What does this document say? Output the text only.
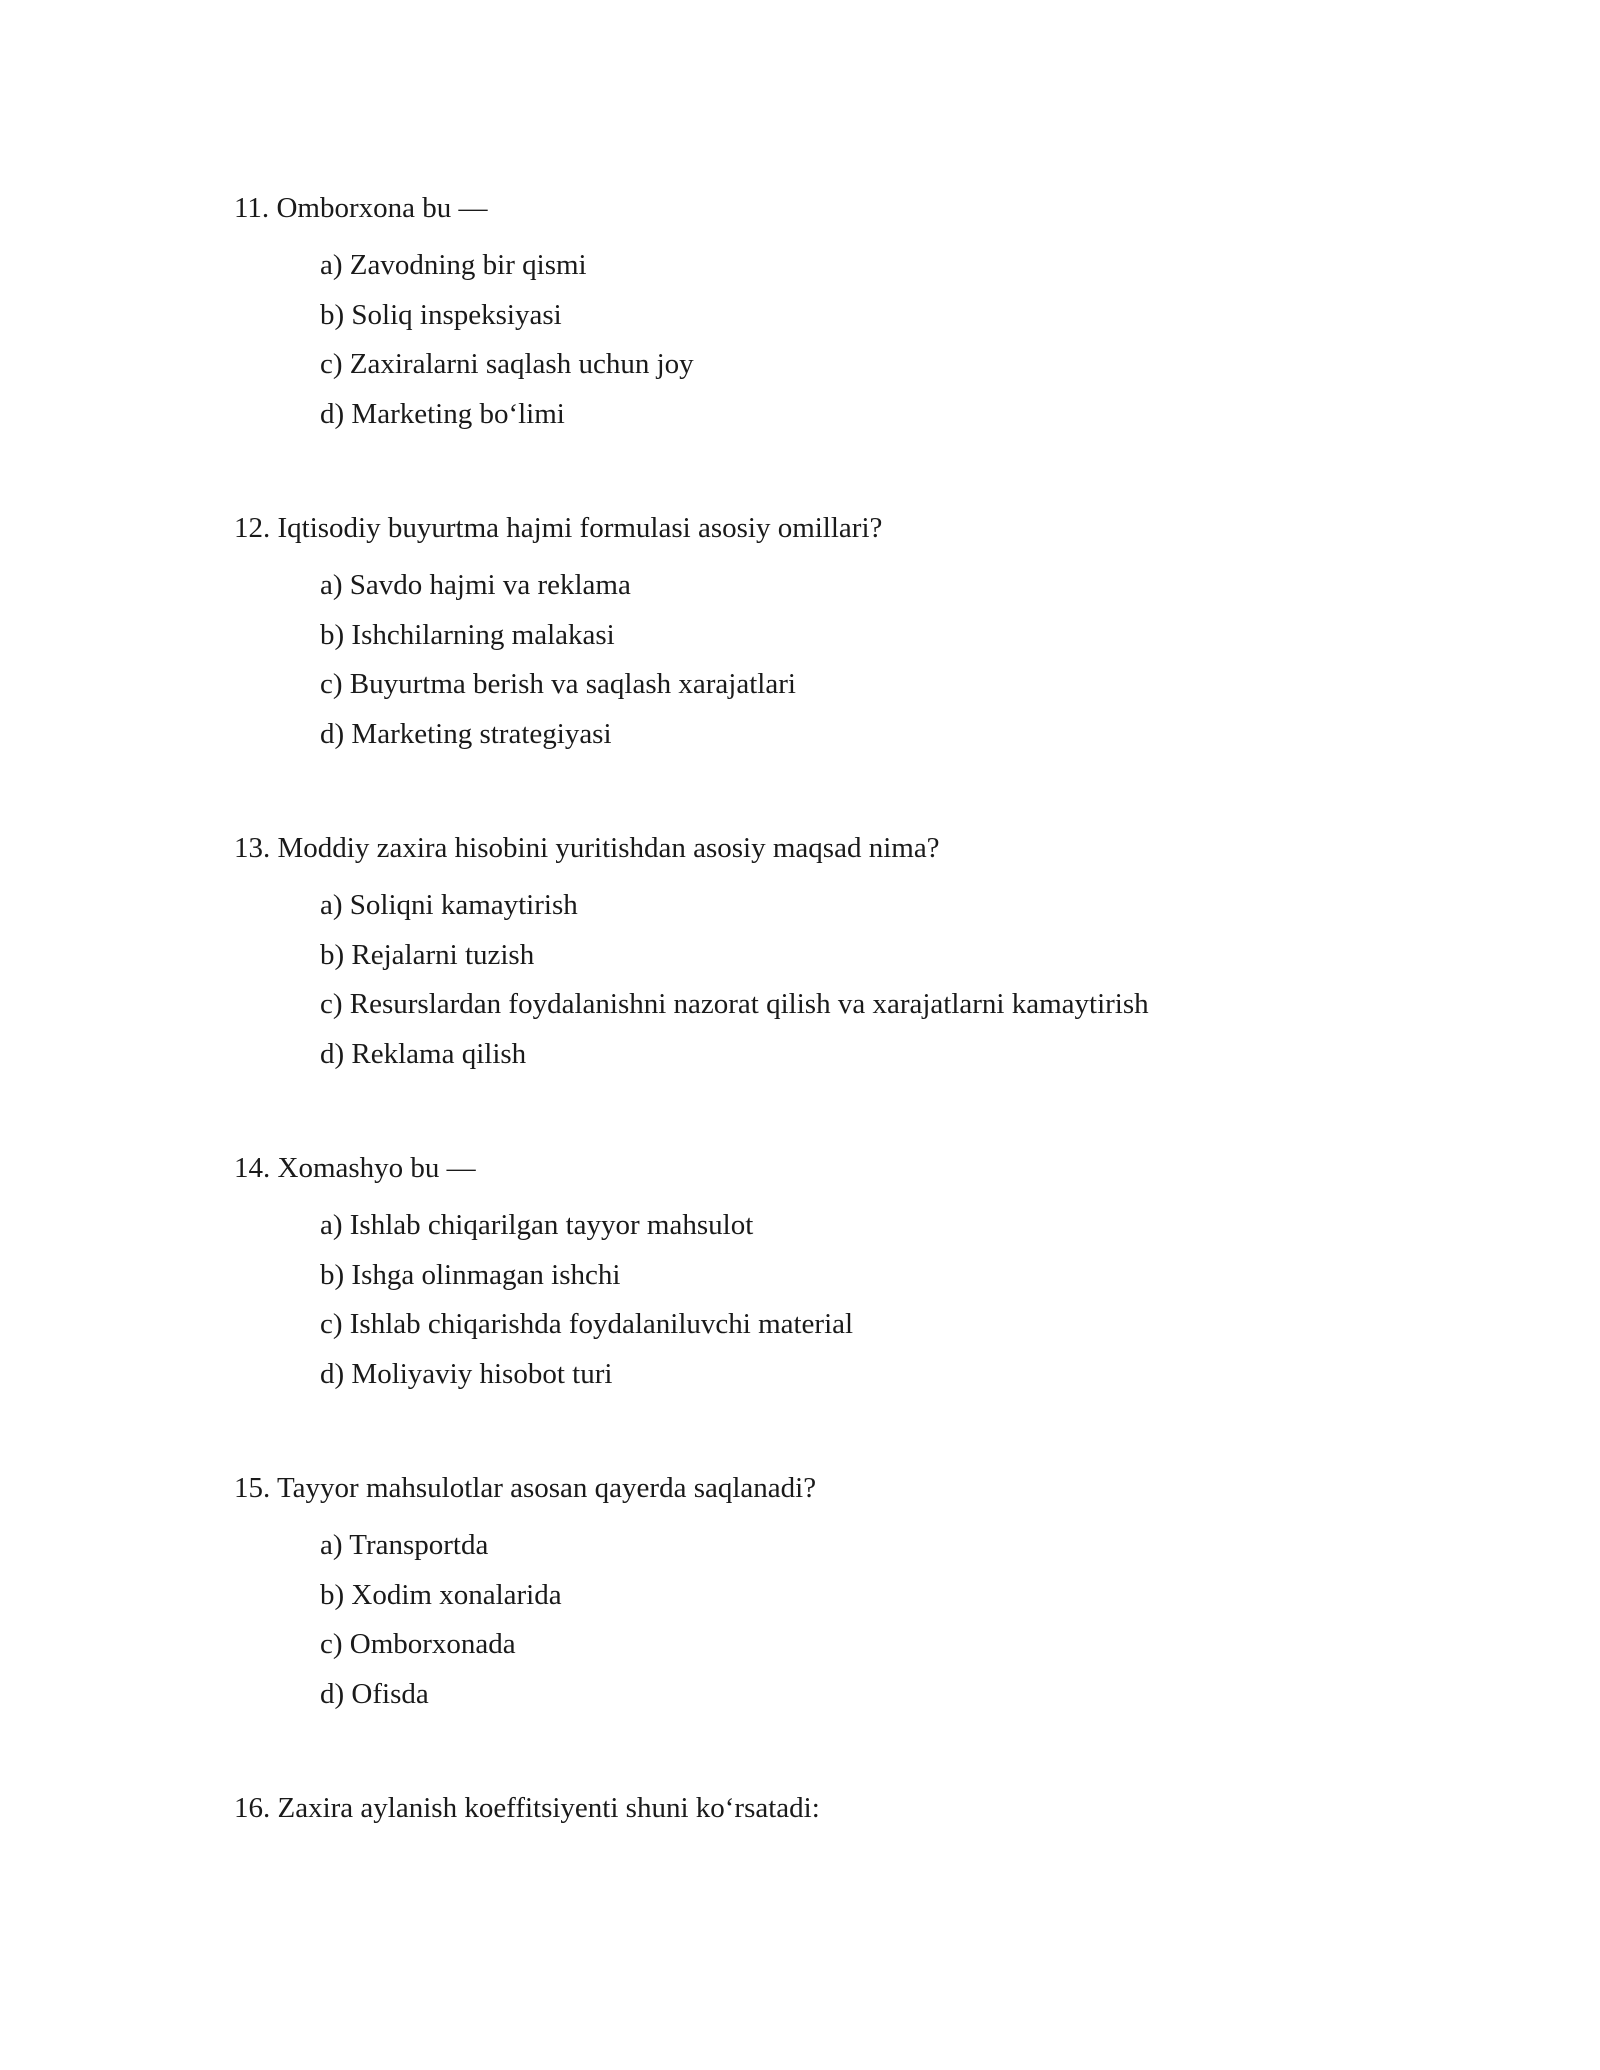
11. Omborxona bu —
a) Zavodning bir qismi
b) Soliq inspeksiyasi
c) Zaxiralarni saqlash uchun joy
d) Marketing bo‘limi
12. Iqtisodiy buyurtma hajmi formulasi asosiy omillari?
a) Savdo hajmi va reklama
b) Ishchilarning malakasi
c) Buyurtma berish va saqlash xarajatlari
d) Marketing strategiyasi
13. Moddiy zaxira hisobini yuritishdan asosiy maqsad nima?
a) Soliqni kamaytirish
b) Rejalarni tuzish
c) Resurslardan foydalanishni nazorat qilish va xarajatlarni kamaytirish
d) Reklama qilish
14. Xomashyo bu —
a) Ishlab chiqarilgan tayyor mahsulot
b) Ishga olinmagan ishchi
c) Ishlab chiqarishda foydalaniluvchi material
d) Moliyaviy hisobot turi
15. Tayyor mahsulotlar asosan qayerda saqlanadi?
a) Transportda
b) Xodim xonalarida
c) Omborxonada
d) Ofisda
16. Zaxira aylanish koeffitsiyenti shuni ko‘rsatadi:
